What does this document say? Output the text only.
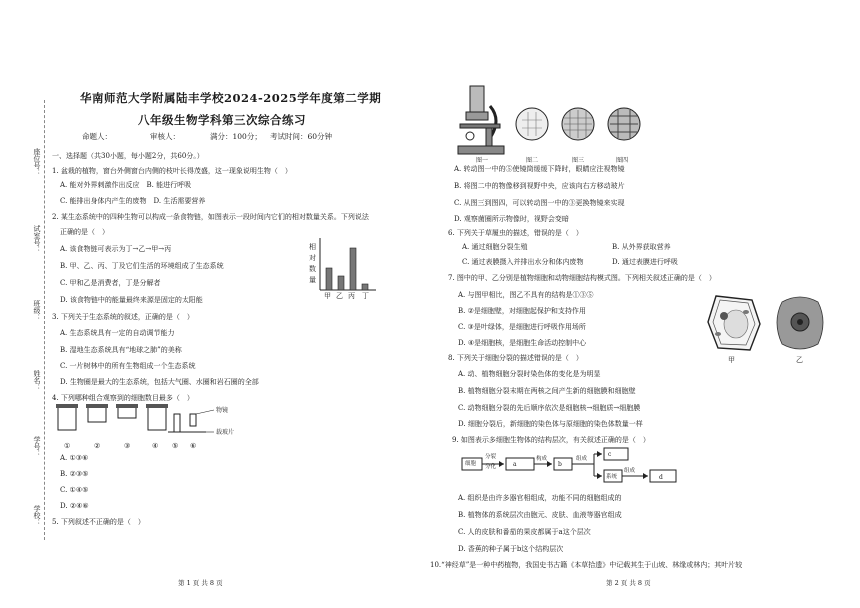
座位号：
试室号：
班级：
姓名：
学号：
学校：
华南师范大学附属陆丰学校2024-2025学年度第二学期
八年级生物学科第三次综合练习
命题人：	审核人：	满分：100分； 考试时间：60分钟
一、选择题（共30小题，每小题2分，共60分。）
1. 盆栽的植物，窗台外侧窗台内侧的枝叶长得茂盛，这一现象说明生物（　）
A. 能对外界刺激作出反应　B. 能进行呼吸
C. 能排出身体内产生的废物　D. 生活需要营养
2. 某生态系统中的四种生物可以构成一条食物链，如图表示一段时间内它们的相对数量关系。下列说法
正确的是（　）
A. 该食物链可表示为丁→乙→甲→丙
B. 甲、乙、丙、丁及它们生活的环境组成了生态系统
C. 甲和乙是消费者，丁是分解者
D. 该食物链中的能量最终来源是固定的太阳能
相
对
数
量
甲 乙 丙 丁
3. 下列关于生态系统的叙述，正确的是（　）
A. 生态系统具有一定的自动调节能力
B. 湿地生态系统具有“地球之肺”的美称
C. 一片树林中的所有生物组成一个生态系统
D. 生物圈是最大的生态系统，包括大气圈、水圈和岩石圈的全部
4. 下列哪种组合观察到的细胞数目最多（　）
物镜
载玻片
①	②	③	④ ⑤ ⑥
A. ①③⑥
B. ②③⑤
C. ①④⑤
D. ②④⑥
5. 下列叙述不正确的是（　）
图一	图二	图三	图四
A. 转动图一中的⑤使镜筒缓缓下降时，眼睛应注视物镜
B. 将图二中的物像移到视野中央，应该向右方移动玻片
C. 从图三到图四，可以转动图一中的③更换物镜来实现
D. 观察菌圈所示物像时，视野会变暗
6. 下列关于草履虫的描述，错误的是（　）
A. 通过细胞分裂生殖	B. 从外界获取营养
C. 通过表膜摄入并排出水分和体内废物	D. 通过表膜进行呼吸
7. 图中的甲、乙分别是植物细胞和动物细胞结构模式图。下列相关叙述正确的是（　）
A. 与图甲相比，图乙不具有的结构是①③⑤
B. ②是细胞壁，对细胞起保护和支持作用
C. ③是叶绿体，是细胞进行呼吸作用场所
D. ④是细胞核，是细胞生命活动控制中心
甲	乙
8. 下列关于细胞分裂的描述错误的是（　）
A. 动、植物细胞分裂时染色体的变化是为明显
B. 植物细胞分裂末期在两核之间产生新的细胞膜和细胞壁
C. 动物细胞分裂的先后顺序依次是细胞核→细胞质→细胞膜
D. 细胞分裂后，新细胞的染色体与原细胞的染色体数量一样
9. 如图表示多细胞生物体的结构层次，有关叙述正确的是（　）
细胞
分裂
分化	a
构成
b
组成
c
系统
组成
d
A. 组织是由许多器官相组成，功能不同的细胞组成的
B. 植物体的系统层次由胞元、皮肤、血液等器官组成
C. 人的皮肤和番茄的果皮都属于a这个层次
D. 香蕉的种子属于b这个结构层次
10.“神经草”是一种中药植物，我国史书古籍《本草拾遗》中记载其生于山坡、林缘或林内；其叶片较
第 1 页 共 8 页	第 2 页 共 8 页
